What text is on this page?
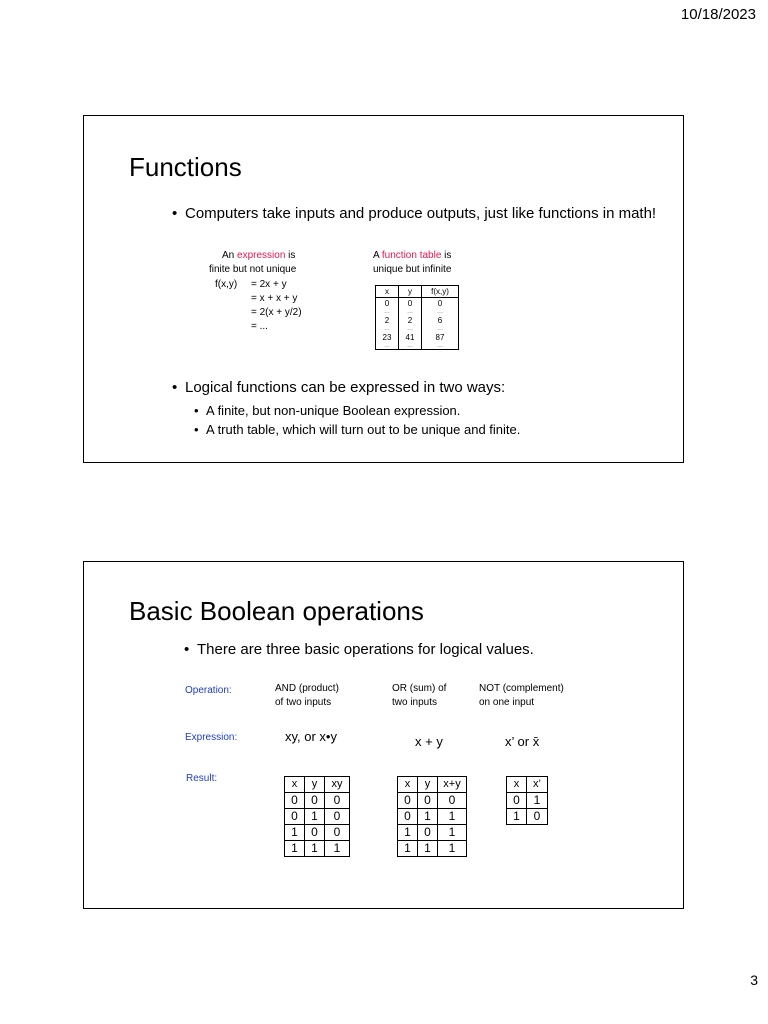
10/18/2023
Functions
• Computers take inputs and produce outputs, just like functions in math!
An expression is
finite but not unique
f(x,y) = 2x + y
= x + x + y
= 2(x + y/2)
= ...
A function table is
unique but infinite
x	y	f(x,y)
0	0	0
...	...	...
2	2	6
...	...	...
23	41	87
...	...	...
• Logical functions can be expressed in two ways:
• A finite, but non-unique Boolean expression.
• A truth table, which will turn out to be unique and finite.
Basic Boolean operations
• There are three basic operations for logical values.
Operation:
Expression:
Result:
AND (product)
of two inputs
OR (sum) of
two inputs
NOT (complement)
on one input
xy, or x•y	x + y	x’ or x̄
x	y	xy
0	0	0
0	1	0
1	0	0
1	1	1
x	y	x+y
0	0	0
0	1	1
1	0	1
1	1	1
x	x’
0	1
1	0
3
